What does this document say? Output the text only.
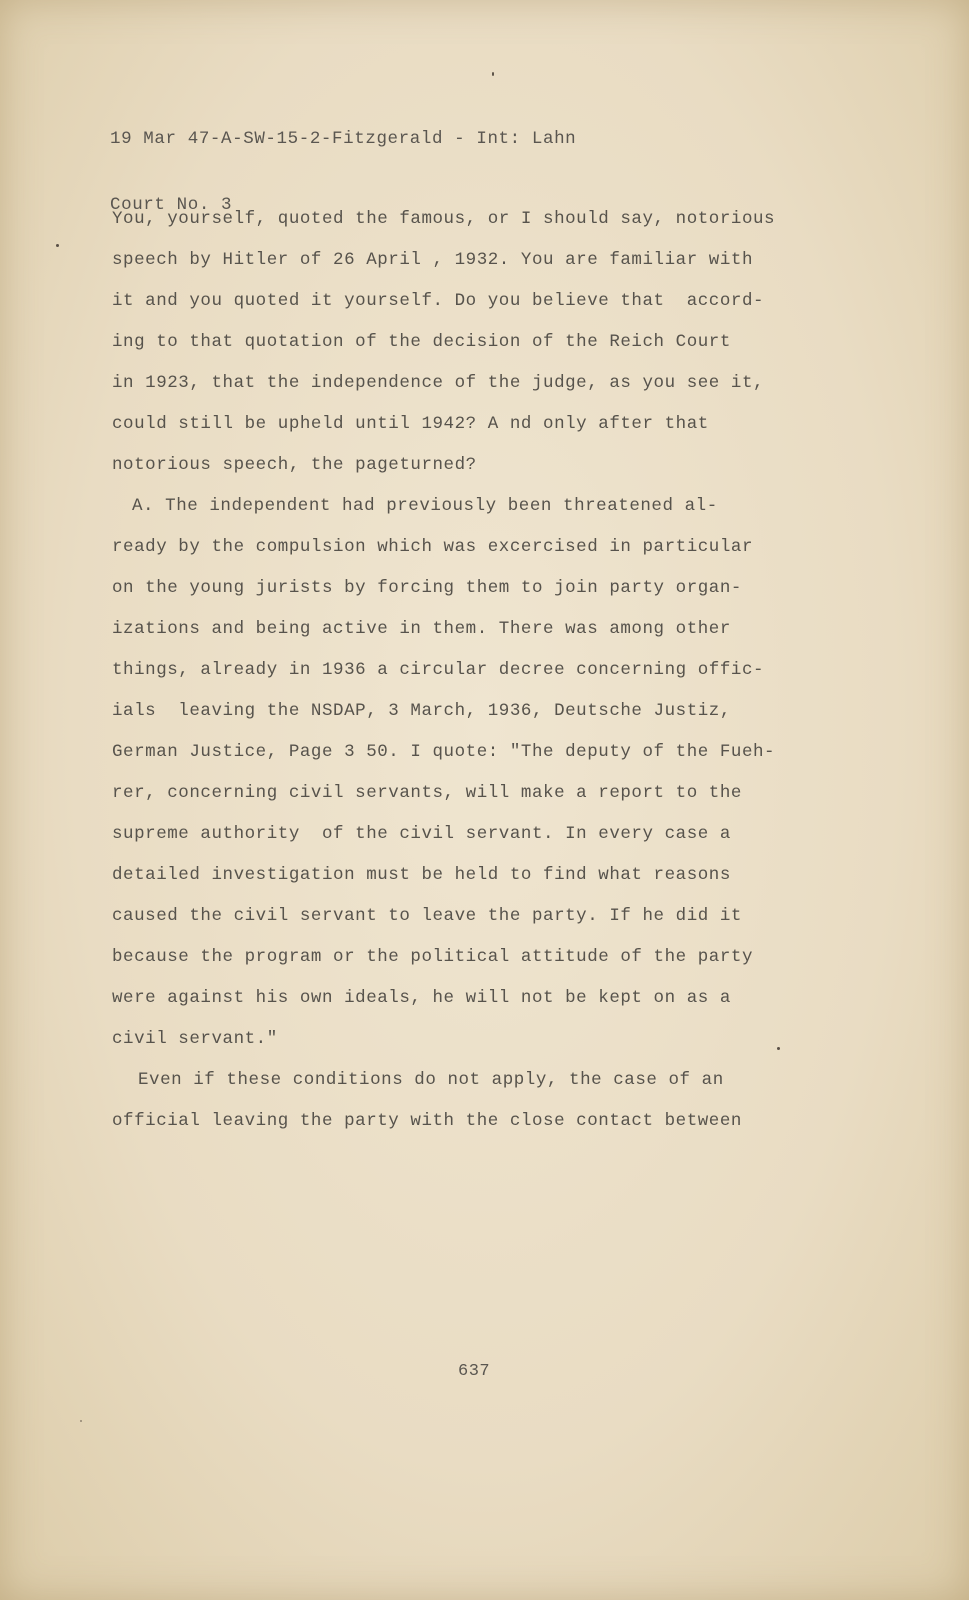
19 Mar 47-A-SW-15-2-Fitzgerald - Int: Lahn

Court No. 3

You, yourself, quoted the famous, or I should say, notorious
speech by Hitler of 26 April , 1932. You are familiar with
it and you quoted it yourself. Do you believe that  accord-
ing to that quotation of the decision of the Reich Court
in 1923, that the independence of the judge, as you see it,
could still be upheld until 1942? A nd only after that
notorious speech, the pageturned?
A. The independent had previously been threatened al-
ready by the compulsion which was excercised in particular
on the young jurists by forcing them to join party organ-
izations and being active in them. There was among other
things, already in 1936 a circular decree concerning offic-
ials  leaving the NSDAP, 3 March, 1936, Deutsche Justiz,
German Justice, Page 3 50. I quote: "The deputy of the Fueh-
rer, concerning civil servants, will make a report to the
supreme authority  of the civil servant. In every case a
detailed investigation must be held to find what reasons
caused the civil servant to leave the party. If he did it
because the program or the political attitude of the party
were against his own ideals, he will not be kept on as a
civil servant."
Even if these conditions do not apply, the case of an
official leaving the party with the close contact between
637
